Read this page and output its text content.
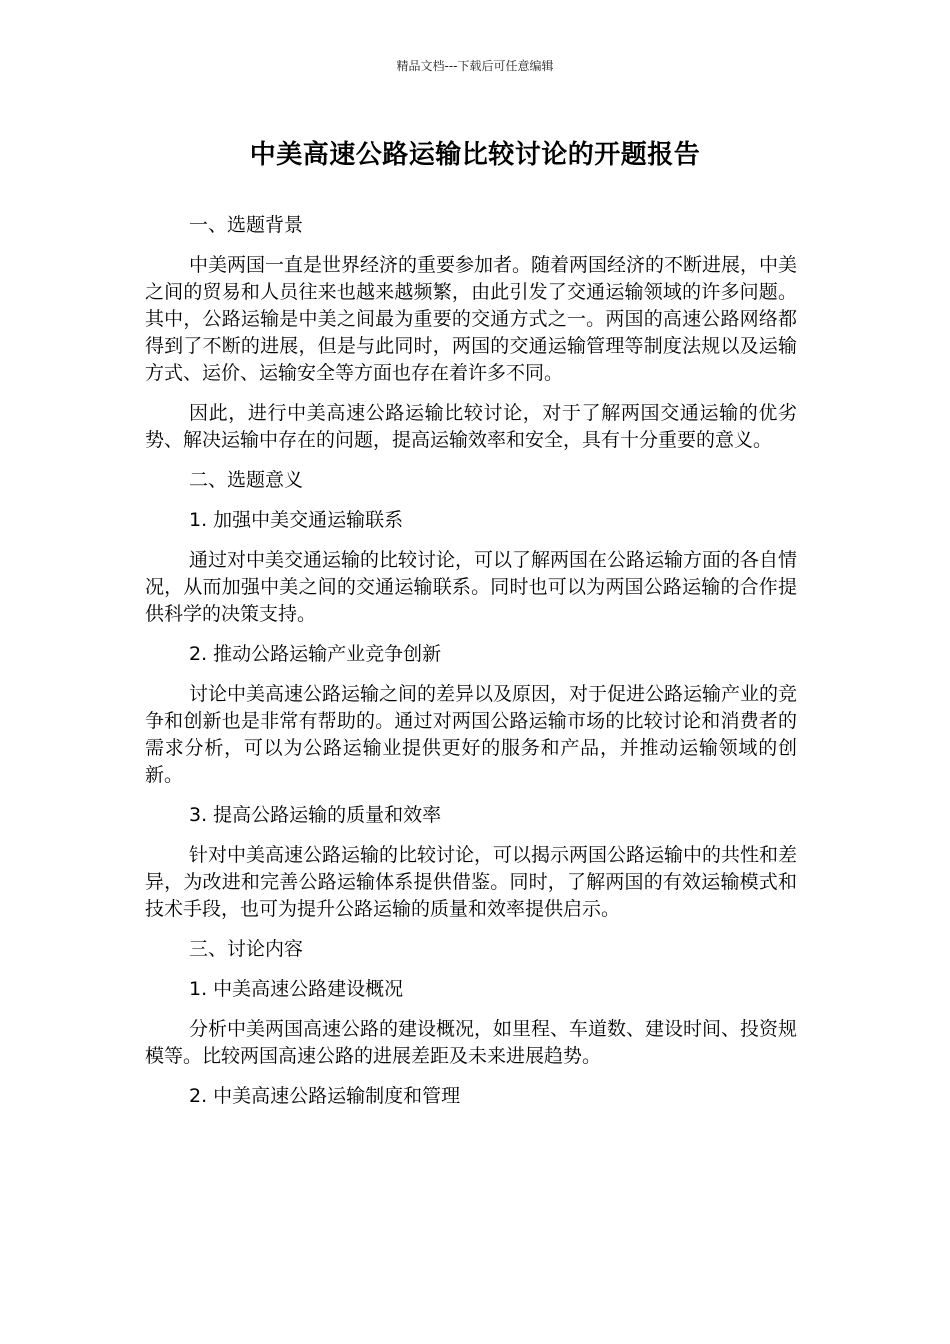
精品文档---下载后可任意编辑
中美高速公路运输比较讨论的开题报告
一、选题背景
中美两国一直是世界经济的重要参加者。随着两国经济的不断进展，中美之间的贸易和人员往来也越来越频繁，由此引发了交通运输领域的许多问题。其中，公路运输是中美之间最为重要的交通方式之一。两国的高速公路网络都得到了不断的进展，但是与此同时，两国的交通运输管理等制度法规以及运输方式、运价、运输安全等方面也存在着许多不同。
因此，进行中美高速公路运输比较讨论，对于了解两国交通运输的优劣势、解决运输中存在的问题，提高运输效率和安全，具有十分重要的意义。
二、选题意义
1. 加强中美交通运输联系
通过对中美交通运输的比较讨论，可以了解两国在公路运输方面的各自情况，从而加强中美之间的交通运输联系。同时也可以为两国公路运输的合作提供科学的决策支持。
2. 推动公路运输产业竞争创新
讨论中美高速公路运输之间的差异以及原因，对于促进公路运输产业的竞争和创新也是非常有帮助的。通过对两国公路运输市场的比较讨论和消费者的需求分析，可以为公路运输业提供更好的服务和产品，并推动运输领域的创新。
3. 提高公路运输的质量和效率
针对中美高速公路运输的比较讨论，可以揭示两国公路运输中的共性和差异，为改进和完善公路运输体系提供借鉴。同时，了解两国的有效运输模式和技术手段，也可为提升公路运输的质量和效率提供启示。
三、讨论内容
1. 中美高速公路建设概况
分析中美两国高速公路的建设概况，如里程、车道数、建设时间、投资规模等。比较两国高速公路的进展差距及未来进展趋势。
2. 中美高速公路运输制度和管理
